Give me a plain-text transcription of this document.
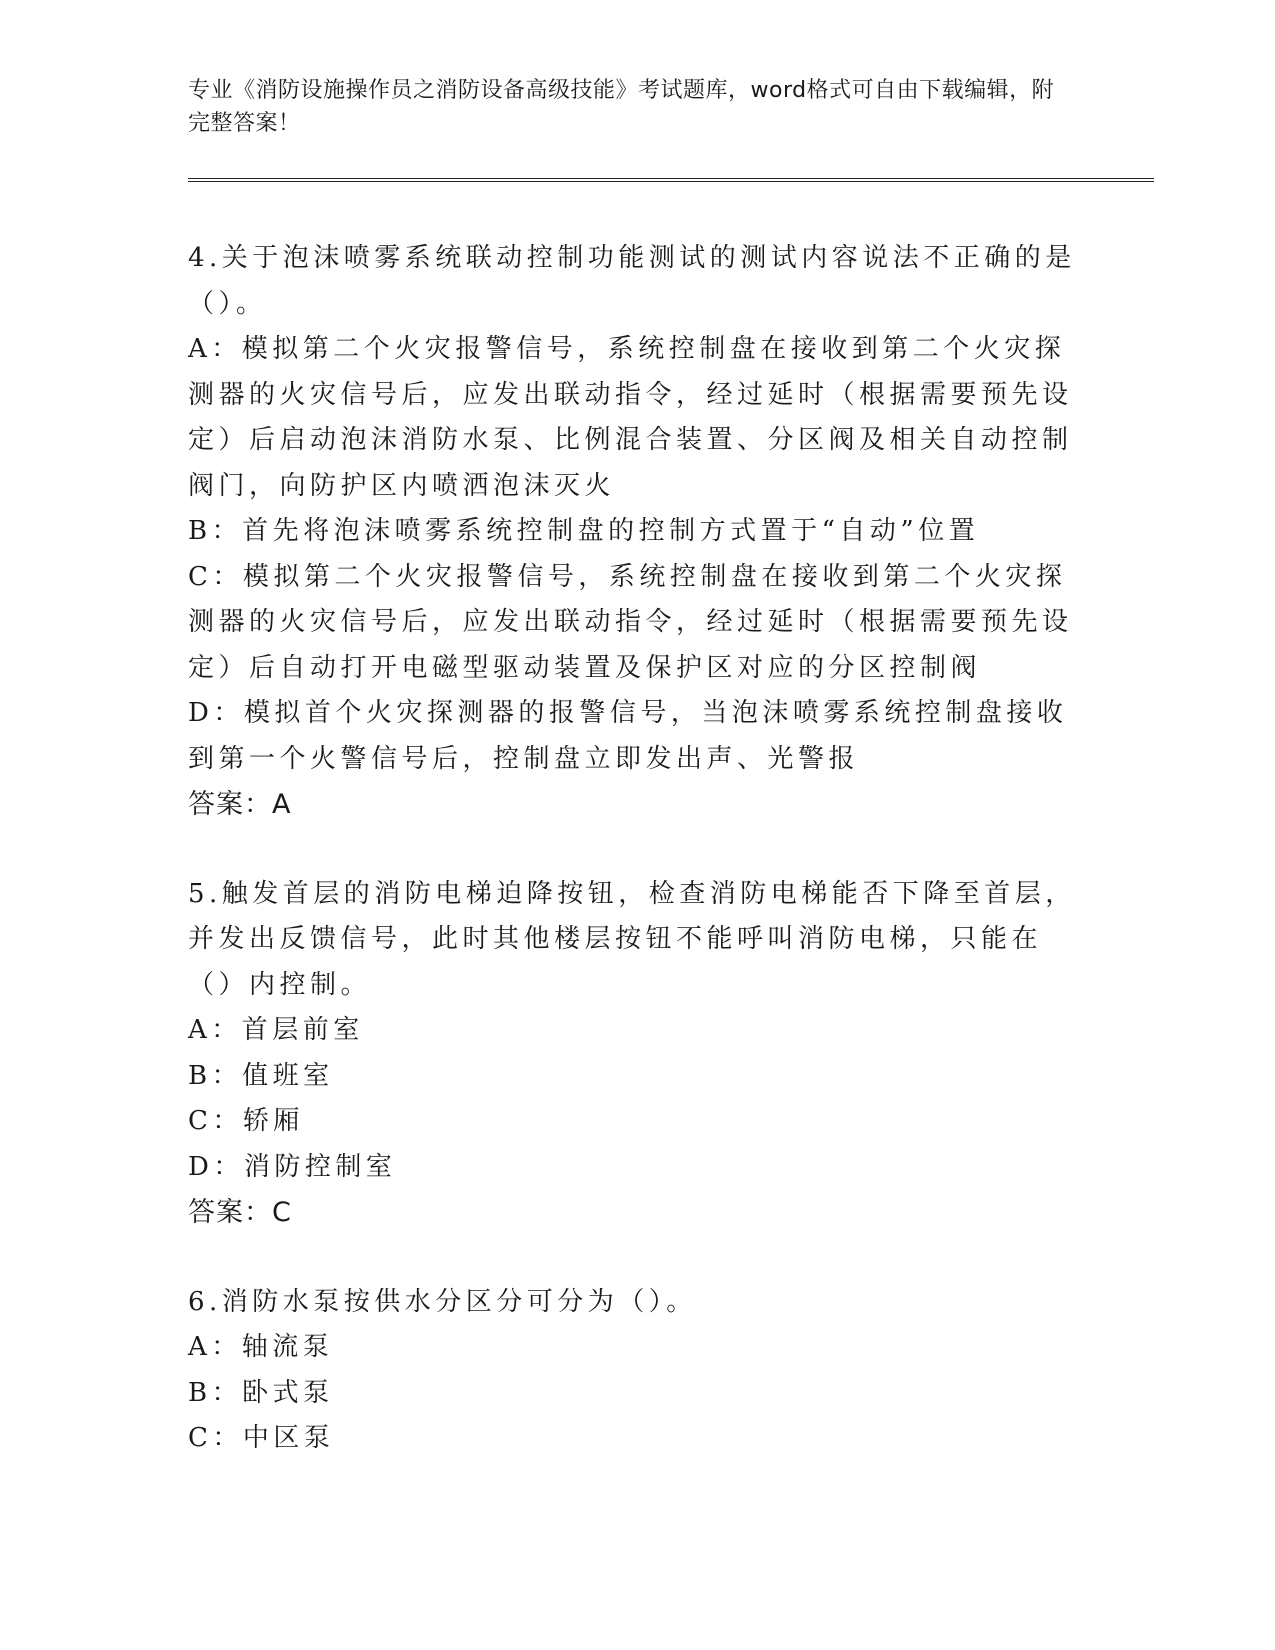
专业《消防设施操作员之消防设备高级技能》考试题库，word格式可自由下载编辑，附完整答案！

4.关于泡沫喷雾系统联动控制功能测试的测试内容说法不正确的是（）。

A：模拟第二个火灾报警信号，系统控制盘在接收到第二个火灾探测器的火灾信号后，应发出联动指令，经过延时（根据需要预先设定）后启动泡沫消防水泵、比例混合装置、分区阀及相关自动控制阀门，向防护区内喷洒泡沫灭火

B：首先将泡沫喷雾系统控制盘的控制方式置于“自动”位置

C：模拟第二个火灾报警信号，系统控制盘在接收到第二个火灾探测器的火灾信号后，应发出联动指令，经过延时（根据需要预先设定）后自动打开电磁型驱动装置及保护区对应的分区控制阀

D：模拟首个火灾探测器的报警信号，当泡沫喷雾系统控制盘接收到第一个火警信号后，控制盘立即发出声、光警报

答案：A

5.触发首层的消防电梯迫降按钮，检查消防电梯能否下降至首层，并发出反馈信号，此时其他楼层按钮不能呼叫消防电梯，只能在（）内控制。

A：首层前室

B：值班室

C：轿厢

D：消防控制室

答案：C

6.消防水泵按供水分区分可分为（）。

A：轴流泵

B：卧式泵

C：中区泵
